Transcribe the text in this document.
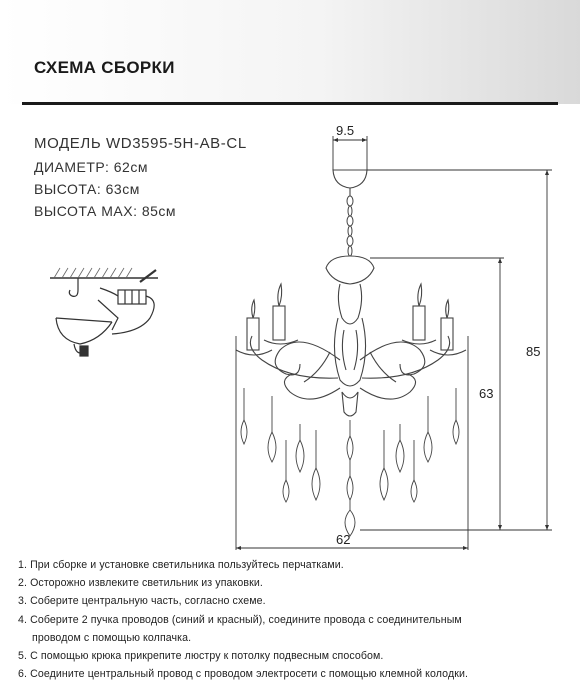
СХЕМА СБОРКИ
МОДЕЛЬ WD3595-5H-AB-CL
ДИАМЕТР: 62см
ВЫСОТА: 63см
ВЫСОТА МАХ: 85см
9.5
85
63
62
1. При сборке и установке светильника пользуйтесь перчатками.
2. Осторожно извлеките светильник из упаковки.
3. Соберите центральную часть, согласно схеме.
4. Соберите 2 пучка проводов (синий и красный), соедините провода с соединительным
проводом с помощью колпачка.
5. С помощью крюка прикрепите люстру к потолку подвесным способом.
6. Соедините центральный провод с проводом электросети с помощью клемной колодки.
